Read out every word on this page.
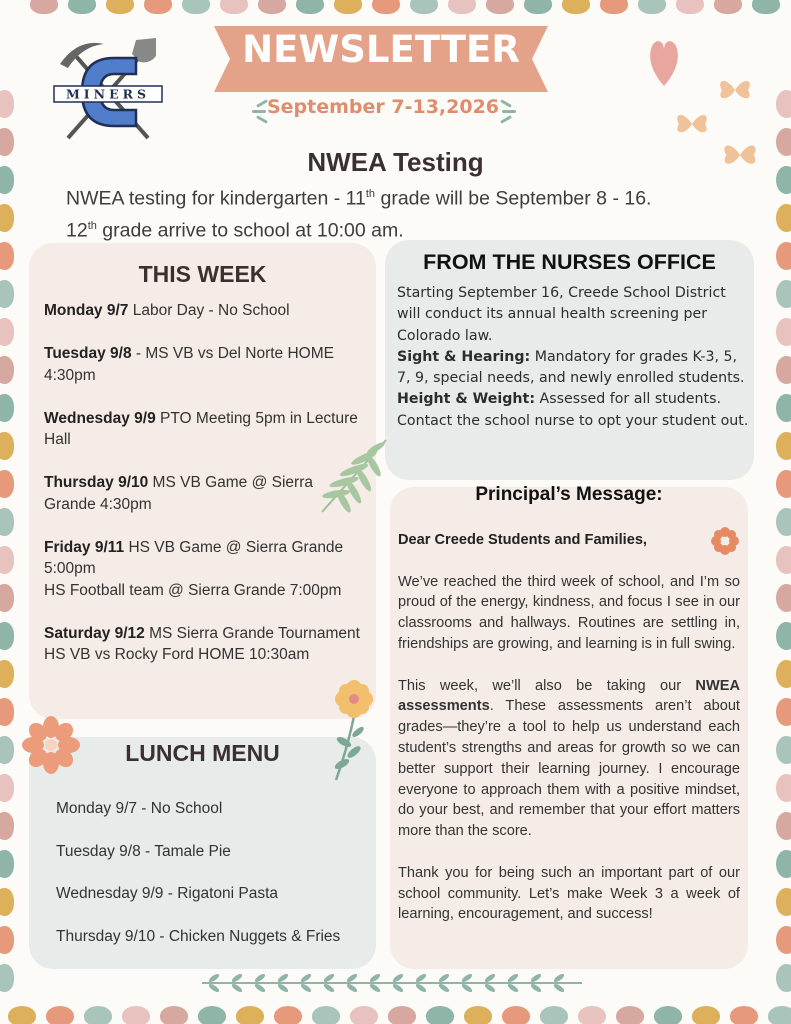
MINERS
NEWSLETTER
September 7-13,2026
NWEA Testing
NWEA testing for kindergarten - 11th grade will be September 8 - 16.
12th grade arrive to school at 10:00 am.
THIS WEEK
Monday 9/7 Labor Day - No School
Tuesday 9/8 - MS VB vs Del Norte HOME 4:30pm
Wednesday 9/9 PTO Meeting 5pm in Lecture Hall
Thursday 9/10 MS VB Game @ Sierra Grande 4:30pm
Friday 9/11 HS VB Game @ Sierra Grande 5:00pm
HS Football team @ Sierra Grande 7:00pm
Saturday 9/12 MS Sierra Grande Tournament
HS VB vs Rocky Ford HOME 10:30am
LUNCH MENU
Monday 9/7 - No School
Tuesday 9/8 - Tamale Pie
Wednesday 9/9 - Rigatoni Pasta
Thursday 9/10 - Chicken Nuggets & Fries
FROM THE NURSES OFFICE
Starting September 16, Creede School District will conduct its annual health screening per Colorado law.
Sight & Hearing: Mandatory for grades K-3, 5, 7, 9, special needs, and newly enrolled students.
Height & Weight: Assessed for all students. Contact the school nurse to opt your student out.
Principal’s Message:

Dear Creede Students and Families,

We’ve reached the third week of school, and I’m so proud of the energy, kindness, and focus I see in our classrooms and hallways. Routines are settling in, friendships are growing, and learning is in full swing.

This week, we’ll also be taking our NWEA assessments. These assessments aren’t about grades—they’re a tool to help us understand each student’s strengths and areas for growth so we can better support their learning journey. I encourage everyone to approach them with a positive mindset, do your best, and remember that your effort matters more than the score.

Thank you for being such an important part of our school community. Let’s make Week 3 a week of learning, encouragement, and success!
